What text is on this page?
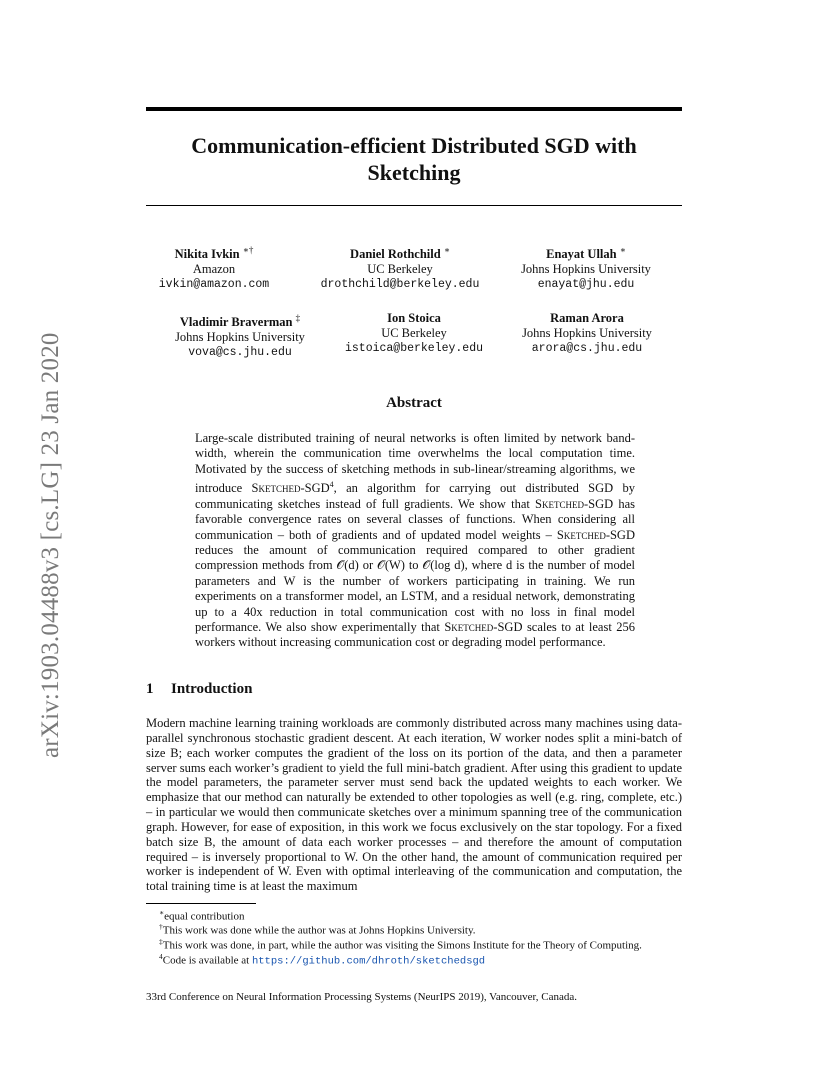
arXiv:1903.04488v3 [cs.LG] 23 Jan 2020
Communication-efficient Distributed SGD with Sketching
Nikita Ivkin ∗†
Amazon
ivkin@amazon.com
Daniel Rothchild ∗
UC Berkeley
drothchild@berkeley.edu
Enayat Ullah ∗
Johns Hopkins University
enayat@jhu.edu
Vladimir Braverman ‡
Johns Hopkins University
vova@cs.jhu.edu
Ion Stoica
UC Berkeley
istoica@berkeley.edu
Raman Arora
Johns Hopkins University
arora@cs.jhu.edu
Abstract

Large-scale distributed training of neural networks is often limited by network band-width, wherein the communication time overwhelms the local computation time. Motivated by the success of sketching methods in sub-linear/streaming algorithms, we introduce Sketched-SGD$^4$, an algorithm for carrying out distributed SGD by communicating sketches instead of full gradients. We show that Sketched-SGD has favorable convergence rates on several classes of functions. When considering all communication – both of gradients and of updated model weights – Sketched-SGD reduces the amount of communication required compared to other gradient compression methods from 𝒪(d) or 𝒪(W) to 𝒪(log d), where d is the number of model parameters and W is the number of workers participating in training. We run experiments on a transformer model, an LSTM, and a residual network, demonstrating up to a 40x reduction in total communication cost with no loss in final model performance. We also show experimentally that Sketched-SGD scales to at least 256 workers without increasing communication cost or degrading model performance.

1 Introduction

Modern machine learning training workloads are commonly distributed across many machines using data-parallel synchronous stochastic gradient descent. At each iteration, W worker nodes split a mini-batch of size B; each worker computes the gradient of the loss on its portion of the data, and then a parameter server sums each worker’s gradient to yield the full mini-batch gradient. After using this gradient to update the model parameters, the parameter server must send back the updated weights to each worker. We emphasize that our method can naturally be extended to other topologies as well (e.g. ring, complete, etc.) – in particular we would then communicate sketches over a minimum spanning tree of the communication graph. However, for ease of exposition, in this work we focus exclusively on the star topology. For a fixed batch size B, the amount of data each worker processes – and therefore the amount of computation required – is inversely proportional to W. On the other hand, the amount of communication required per worker is independent of W. Even with optimal interleaving of the communication and computation, the total training time is at least the maximum

∗equal contribution
†This work was done while the author was at Johns Hopkins University.
‡This work was done, in part, while the author was visiting the Simons Institute for the Theory of Computing.
$^4$Code is available at https://github.com/dhroth/sketchedsgd

33rd Conference on Neural Information Processing Systems (NeurIPS 2019), Vancouver, Canada.
